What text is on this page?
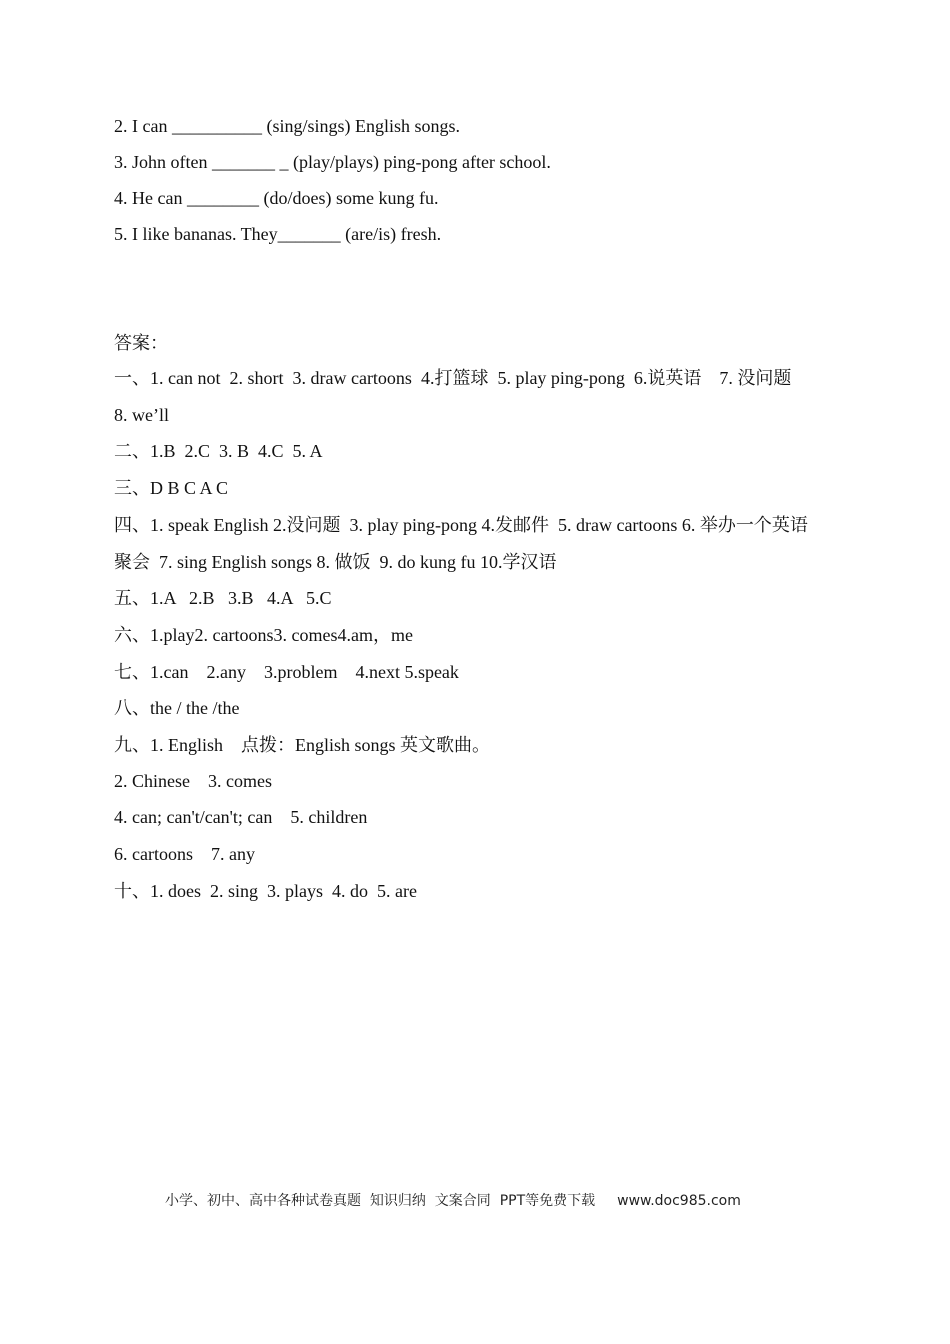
2. I can __________ (sing/sings) English songs.
3. John often _______ _ (play/plays) ping-pong after school.
4. He can ________ (do/does) some kung fu.
5. I like bananas. They_______ (are/is) fresh.
答案：
一、1. can not  2. short  3. draw cartoons  4.打篮球  5. play ping-pong  6.说英语    7. 没问题
8. we’ll
二、1.B  2.C  3. B  4.C  5. A
三、D B C A C
四、1. speak English 2.没问题  3. play ping-pong 4.发邮件  5. draw cartoons 6. 举办一个英语
聚会  7. sing English songs 8. 做饭  9. do kung fu 10.学汉语
五、1.A   2.B   3.B   4.A   5.C
六、1.play2. cartoons3. comes4.am，me
七、1.can    2.any    3.problem    4.next 5.speak
八、the / the /the
九、1. English    点拨：English songs 英文歌曲。
2. Chinese    3. comes
4. can; can't/can't; can    5. children
6. cartoons    7. any
十、1. does  2. sing  3. plays  4. do  5. are
小学、初中、高中各种试卷真题  知识归纳  文案合同  PPT等免费下载 www.doc985.com
